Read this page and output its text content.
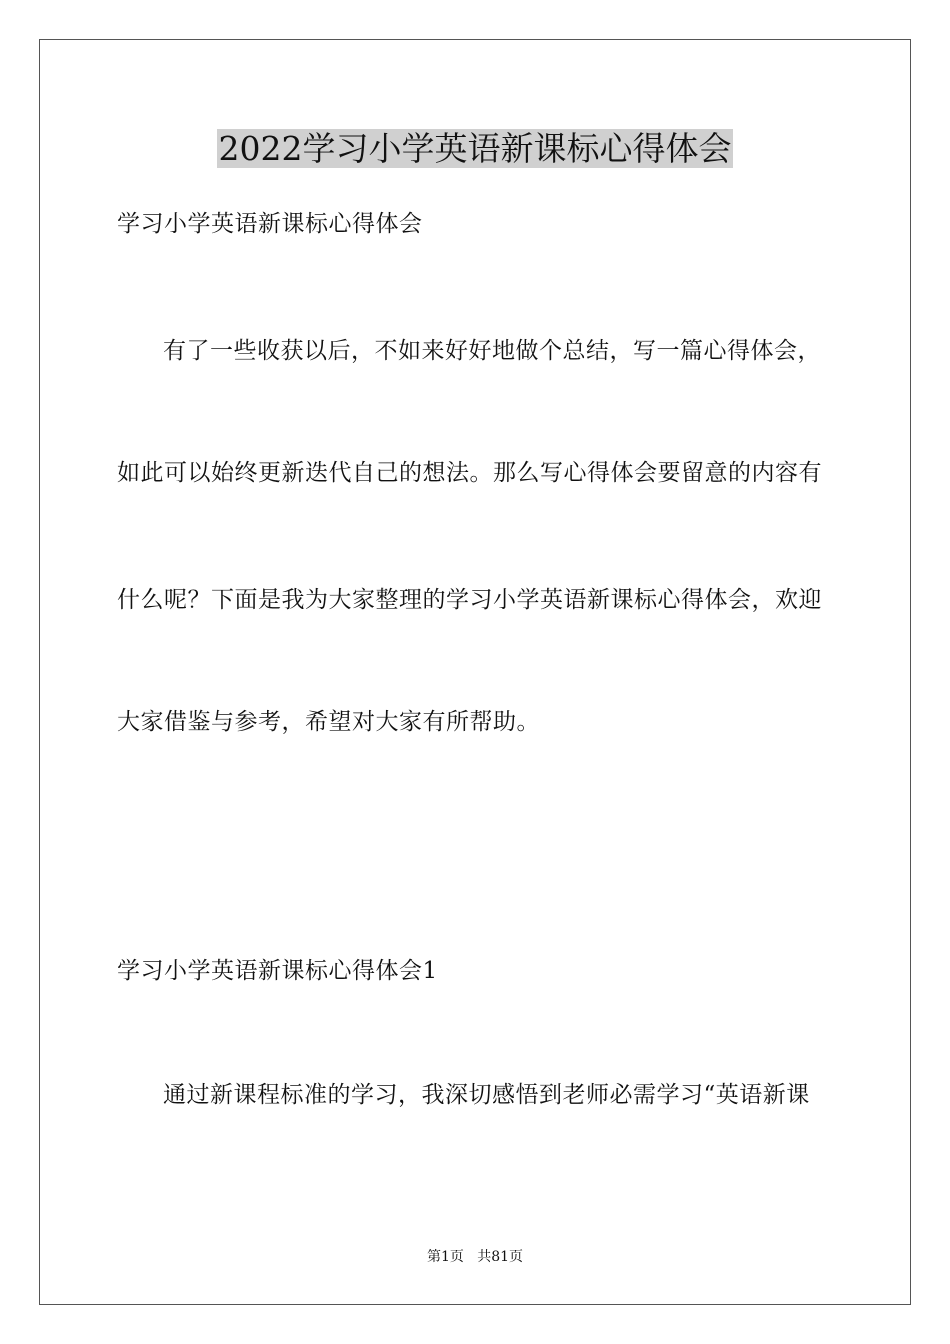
2022学习小学英语新课标心得体会
学习小学英语新课标心得体会
有了一些收获以后，不如来好好地做个总结，写一篇心得体会，
如此可以始终更新迭代自己的想法。那么写心得体会要留意的内容有
什么呢？下面是我为大家整理的学习小学英语新课标心得体会，欢迎
大家借鉴与参考，希望对大家有所帮助。
学习小学英语新课标心得体会1
通过新课程标准的学习，我深切感悟到老师必需学习“英语新课
第1页   共81页
